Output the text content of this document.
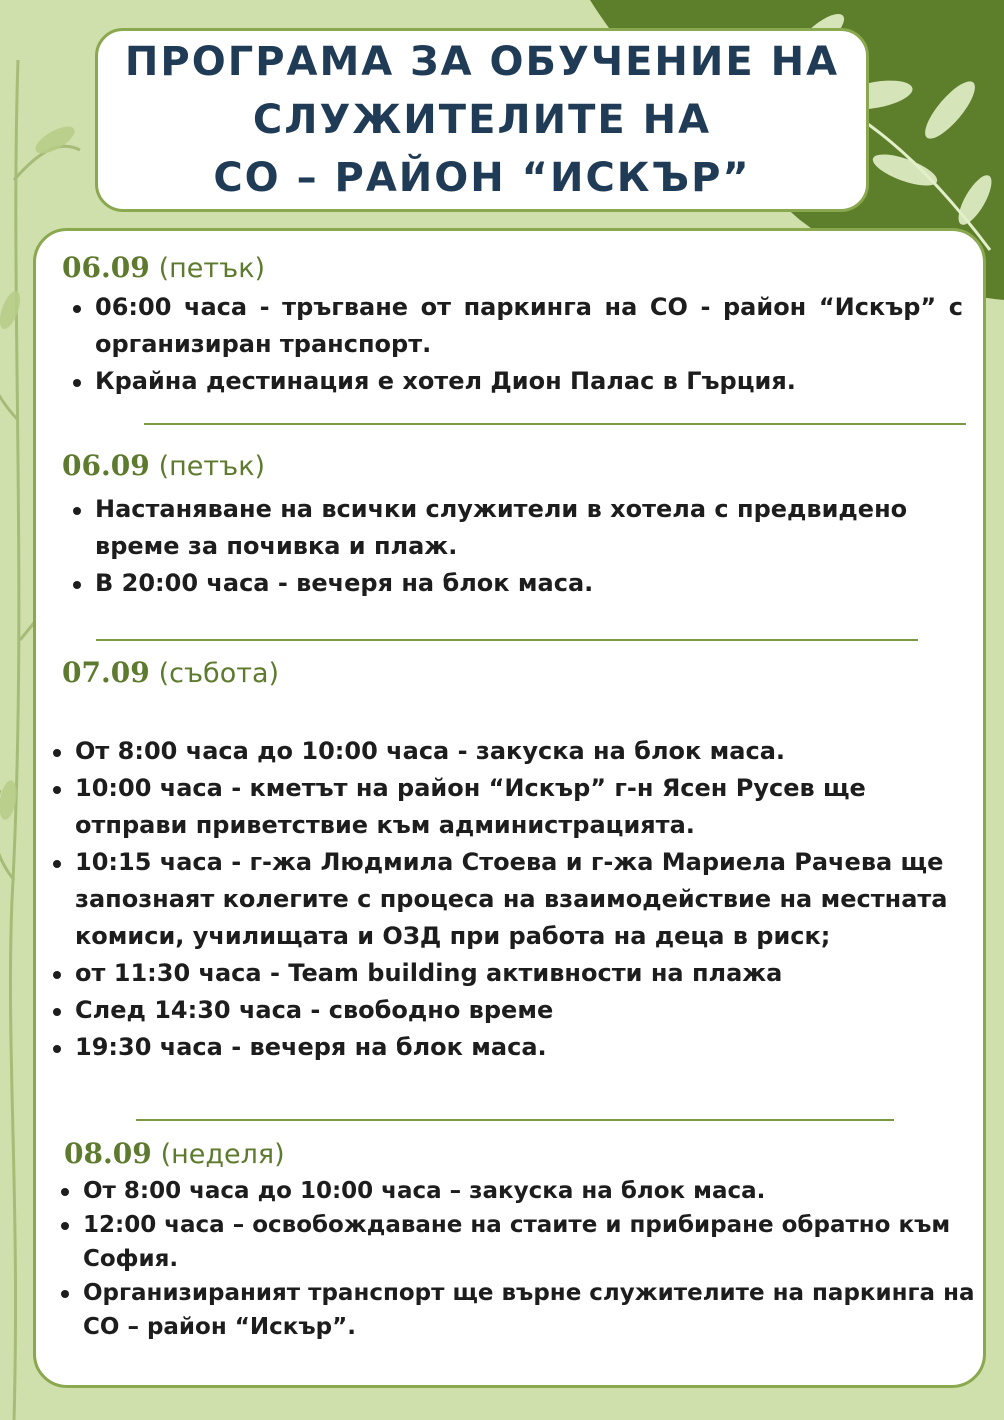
ПРОГРАМА ЗА ОБУЧЕНИЕ НА
СЛУЖИТЕЛИТЕ НА
СО – РАЙОН “ИСКЪР”
06.09 (петък)
06:00 часа - тръгване от паркинга на СО - район “Искър” с организиран транспорт.
Крайна дестинация е хотел Дион Палас в Гърция.
06.09 (петък)
Настаняване на всички служители в хотела с предвидено време за почивка и плаж.
В 20:00 часа - вечеря на блок маса.
07.09 (събота)
От 8:00 часа до 10:00 часа - закуска на блок маса.
10:00 часа - кметът на район “Искър” г-н Ясен Русев ще отправи приветствие към администрацията.
10:15 часа - г-жа Людмила Стоева и г-жа Мариела Рачева ще запознаят колегите с процеса на взаимодействие на местната комиси, училищата и ОЗД при работа на деца в риск;
от 11:30 часа - Team building активности на плажа
След 14:30 часа - свободно време
19:30 часа - вечеря на блок маса.
08.09 (неделя)
От 8:00 часа до 10:00 часа – закуска на блок маса.
12:00 часа – освобождаване на стаите и прибиране обратно към София.
Организираният транспорт ще върне служителите на паркинга на СО – район “Искър”.
